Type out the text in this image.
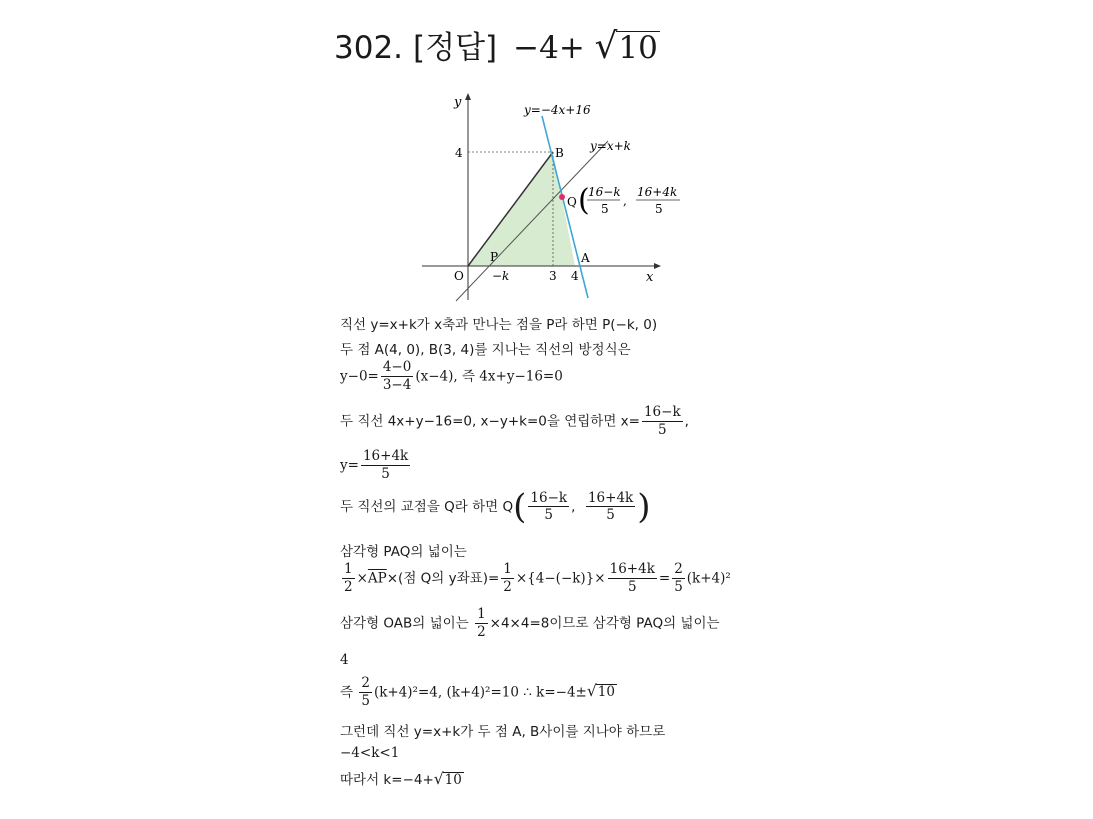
302. [정답] −4+ √ 10
y
x
O
y=−4x+16
y=x+k
B
A
P
4
−k	3 4
Q (
16−k
5
,
16+4k
5
직선 y=x+k가 x축과 만나는 점을 P라 하면 P(−k, 0)
두 점 A(4, 0), B(3, 4)를 지나는 직선의 방정식은
$y-0= \frac{4-0}{3-4} (x-4)$, 즉 4x+y−16=0
두 직선 4x+y−16=0, x−y+k=0을 연립하면 $x= \frac{16-k}{5}$ ,
$y= \frac{16+4k}{5}$
두 직선의 교점을 Q라 하면 $Q( \frac{16-k}{5}$ , $\frac{16+4k}{5}$ )
삼각형 PAQ의 넓이는
$\frac{1}{2} \times\overline{AP}\times$(점 Q의 y좌표)= $\frac{1}{2} \times\{4-(-k)\}\times \frac{16+4k}{5} = \frac{2}{5} (k+4)^2$
삼각형 OAB의 넓이는 $\frac{1}{2} \times 4\times 4=8$이므로 삼각형 PAQ의 넓이는
4
즉 $\frac{2}{5} (k+4)^2=4$, (k+4)²=10 ∴ k=−4± √ 10
그런데 직선 y=x+k가 두 점 A, B사이를 지나야 하므로
−4<k<1
따라서 k=−4+ √ 10
